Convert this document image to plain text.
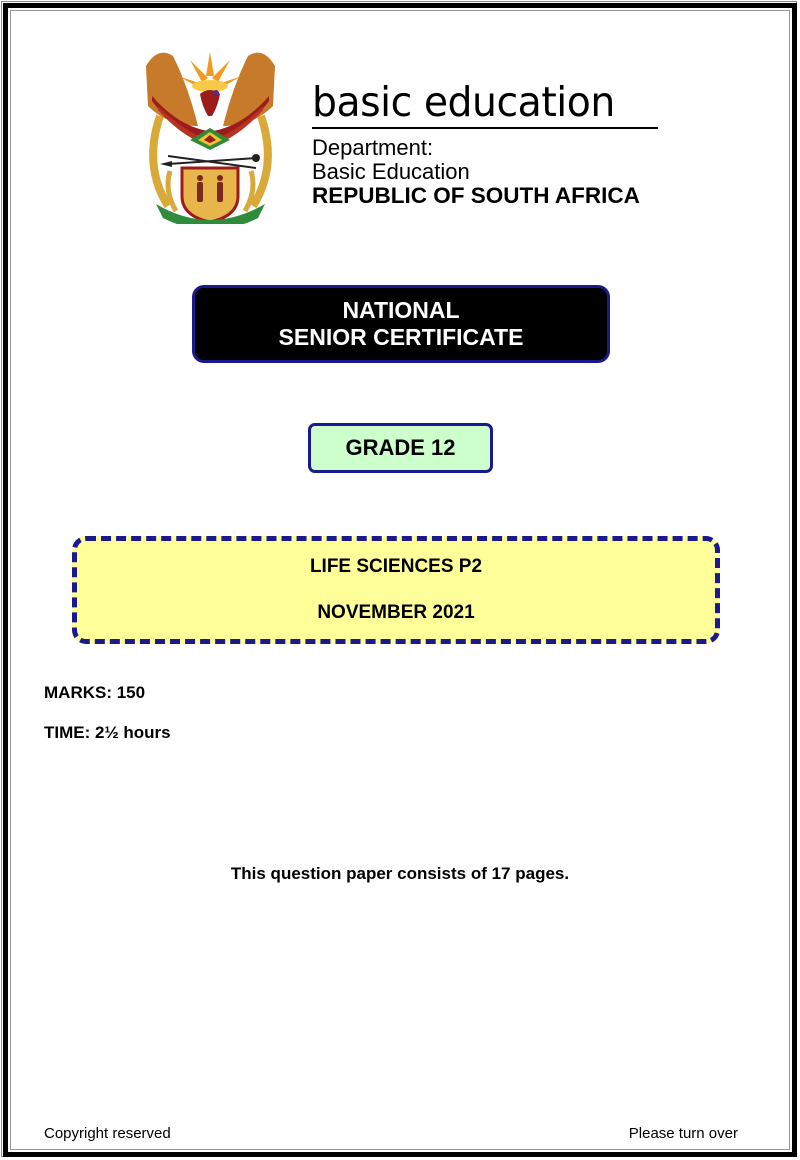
basic education
Department:
Basic Education
REPUBLIC OF SOUTH AFRICA
NATIONAL
SENIOR CERTIFICATE
GRADE 12
LIFE SCIENCES P2
NOVEMBER 2021
MARKS: 150
TIME: 2½ hours
This question paper consists of 17 pages.
Copyright reserved	Please turn over
